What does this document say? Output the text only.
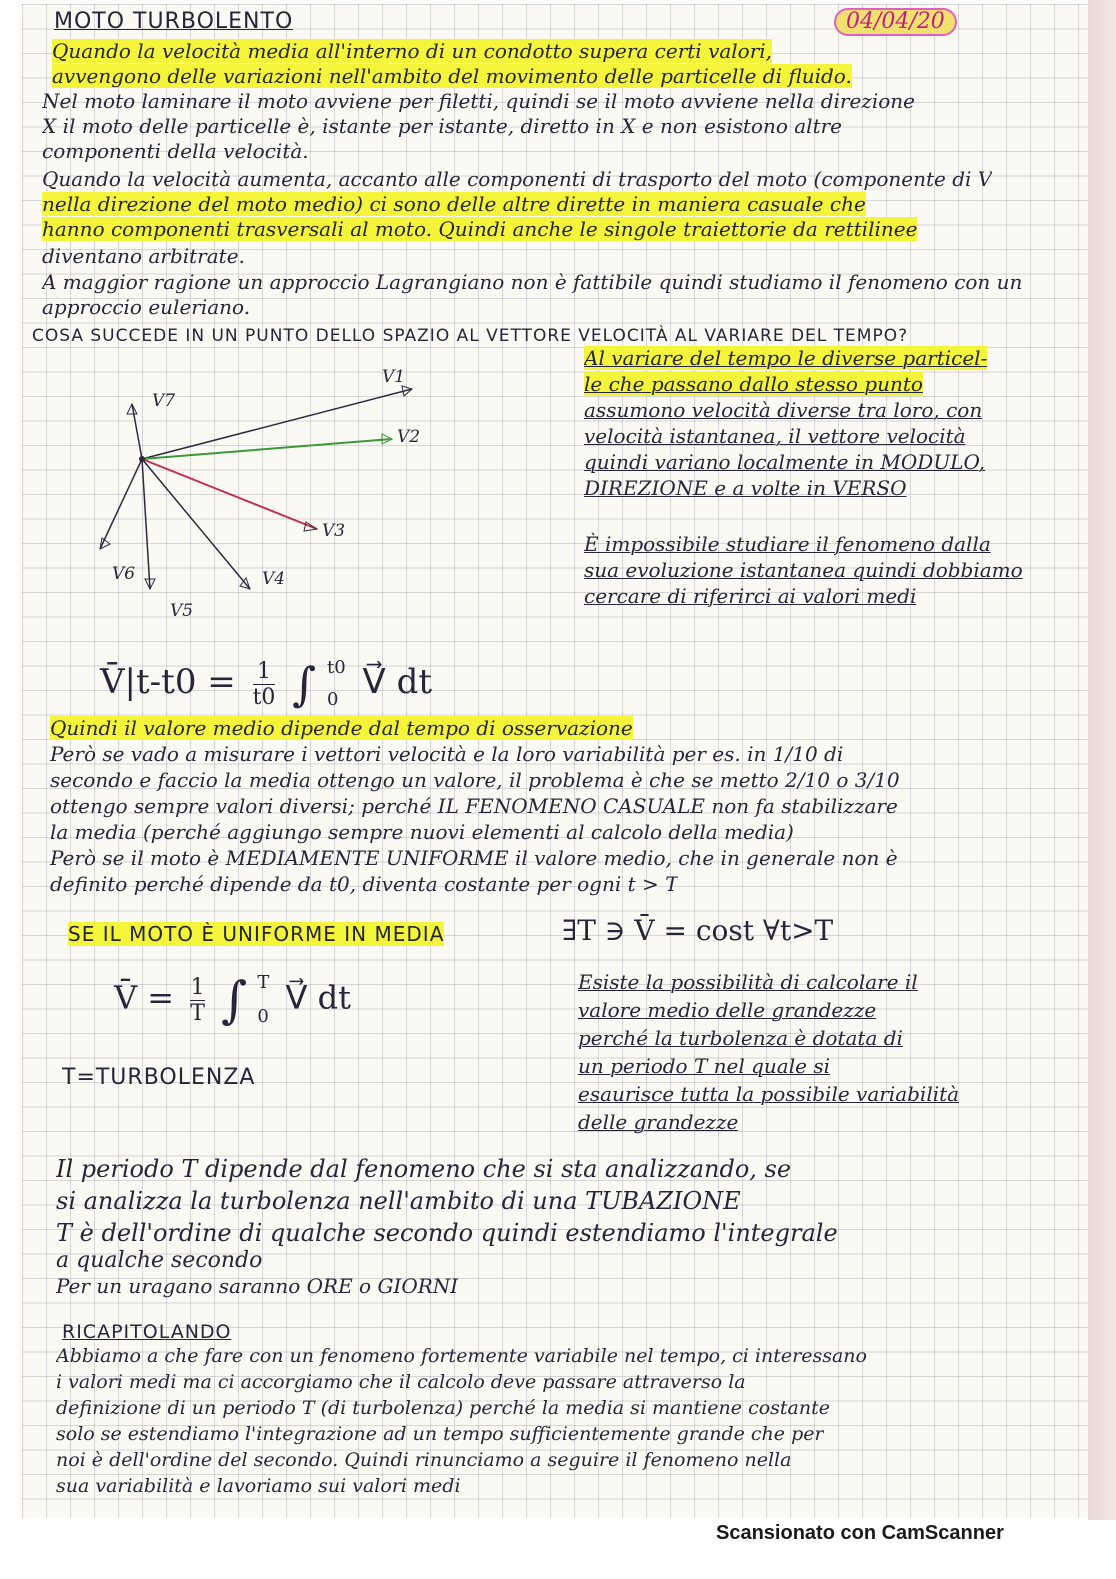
MOTO TURBOLENTO	04/04/20
Quando la velocità media all'interno di un condotto supera certi valori,
avvengono delle variazioni nell'ambito del movimento delle particelle di fluido.
Nel moto laminare il moto avviene per filetti, quindi se il moto avviene nella direzione
X il moto delle particelle è, istante per istante, diretto in X e non esistono altre
componenti della velocità.
Quando la velocità aumenta, accanto alle componenti di trasporto del moto (componente di V
nella direzione del moto medio) ci sono delle altre dirette in maniera casuale che
hanno componenti trasversali al moto. Quindi anche le singole traiettorie da rettilinee
diventano arbitrate.
A maggior ragione un approccio Lagrangiano non è fattibile quindi studiamo il fenomeno con un
approccio euleriano.
COSA SUCCEDE IN UN PUNTO DELLO SPAZIO AL VETTORE VELOCITÀ AL VARIARE DEL TEMPO?
V1
V2
V3
V4
V5
V6
V7
Al variare del tempo le diverse particel-
le che passano dallo stesso punto
assumono velocità diverse tra loro, con
velocità istantanea, il vettore velocità
quindi variano localmente in MODULO,
DIREZIONE e a volte in VERSO
È impossibile studiare il fenomeno dalla
sua evoluzione istantanea quindi dobbiamo
cercare di riferirci ai valori medi
V̄|t-t0 = $\frac{1}{t0}$ ∫ t0
0 V⃗ dt
Quindi il valore medio dipende dal tempo di osservazione
Però se vado a misurare i vettori velocità e la loro variabilità per es. in 1/10 di
secondo e faccio la media ottengo un valore, il problema è che se metto 2/10 o 3/10
ottengo sempre valori diversi; perché IL FENOMENO CASUALE non fa stabilizzare
la media (perché aggiungo sempre nuovi elementi al calcolo della media)
Però se il moto è MEDIAMENTE UNIFORME il valore medio, che in generale non è
definito perché dipende da t0, diventa costante per ogni t > T
SE IL MOTO È UNIFORME IN MEDIA	∃T ∋ V̄ = cost ∀t>T
V̄ = $\frac{1}{T}$ ∫ T
0 V⃗ dt
T=TURBOLENZA
Esiste la possibilità di calcolare il
valore medio delle grandezze
perché la turbolenza è dotata di
un periodo T nel quale si
esaurisce tutta la possibile variabilità
delle grandezze
Il periodo T dipende dal fenomeno che si sta analizzando, se
si analizza la turbolenza nell'ambito di una TUBAZIONE
T è dell'ordine di qualche secondo quindi estendiamo l'integrale
a qualche secondo
Per un uragano saranno ORE o GIORNI
RICAPITOLANDO
Abbiamo a che fare con un fenomeno fortemente variabile nel tempo, ci interessano
i valori medi ma ci accorgiamo che il calcolo deve passare attraverso la
definizione di un periodo T (di turbolenza) perché la media si mantiene costante
solo se estendiamo l'integrazione ad un tempo sufficientemente grande che per
noi è dell'ordine del secondo. Quindi rinunciamo a seguire il fenomeno nella
sua variabilità e lavoriamo sui valori medi
Scansionato con CamScanner
